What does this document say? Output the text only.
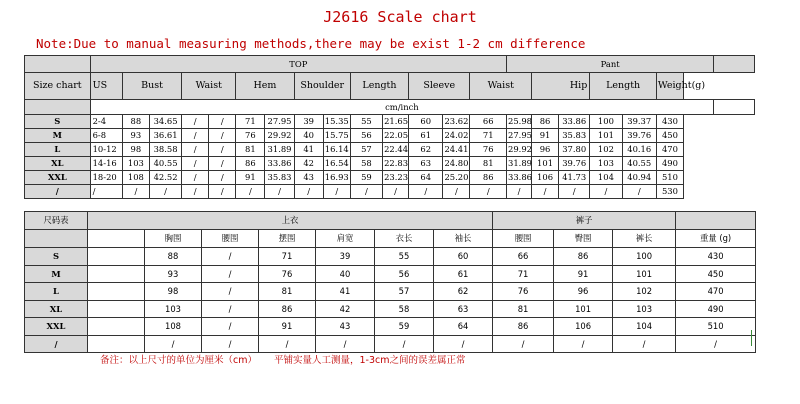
J2616 Scale chart
Note:Due to manual measuring methods,there may be exist 1-2 cm difference
	TOP														Pant						
Size chart	US	Bust		Waist		Hem		Shoulder		Length		Sleeve		Waist		Hip		Length		Weight(g)	
	cm/inch																				
S	2-4	88	34.65	/	/	71	27.95	39	15.35	55	21.65	60	23.62	66	25.98	86	33.86	100	39.37	430	
M	6-8	93	36.61	/	/	76	29.92	40	15.75	56	22.05	61	24.02	71	27.95	91	35.83	101	39.76	450	
L	10-12	98	38.58	/	/	81	31.89	41	16.14	57	22.44	62	24.41	76	29.92	96	37.80	102	40.16	470	
XL	14-16	103	40.55	/	/	86	33.86	42	16.54	58	22.83	63	24.80	81	31.89	101	39.76	103	40.55	490	
XXL	18-20	108	42.52	/	/	91	35.83	43	16.93	59	23.23	64	25.20	86	33.86	106	41.73	104	40.94	510	
/	/	/	/	/	/	/	/	/	/	/	/	/	/	/	/	/	/	/	/	530	
尺码表	上衣							裤子			
		胸围	腰围	摆围	肩宽	衣长	袖长	腰围	臀围	裤长	重量 (g)
S		88	/	71	39	55	60	66	86	100	430
M		93	/	76	40	56	61	71	91	101	450
L		98	/	81	41	57	62	76	96	102	470
XL		103	/	86	42	58	63	81	101	103	490
XXL		108	/	91	43	59	64	86	106	104	510
/		/	/	/	/	/	/	/	/	/	/
备注：以上尺寸的单位为厘米（cm） 平铺实量人工测量，1-3cm之间的误差属正常
